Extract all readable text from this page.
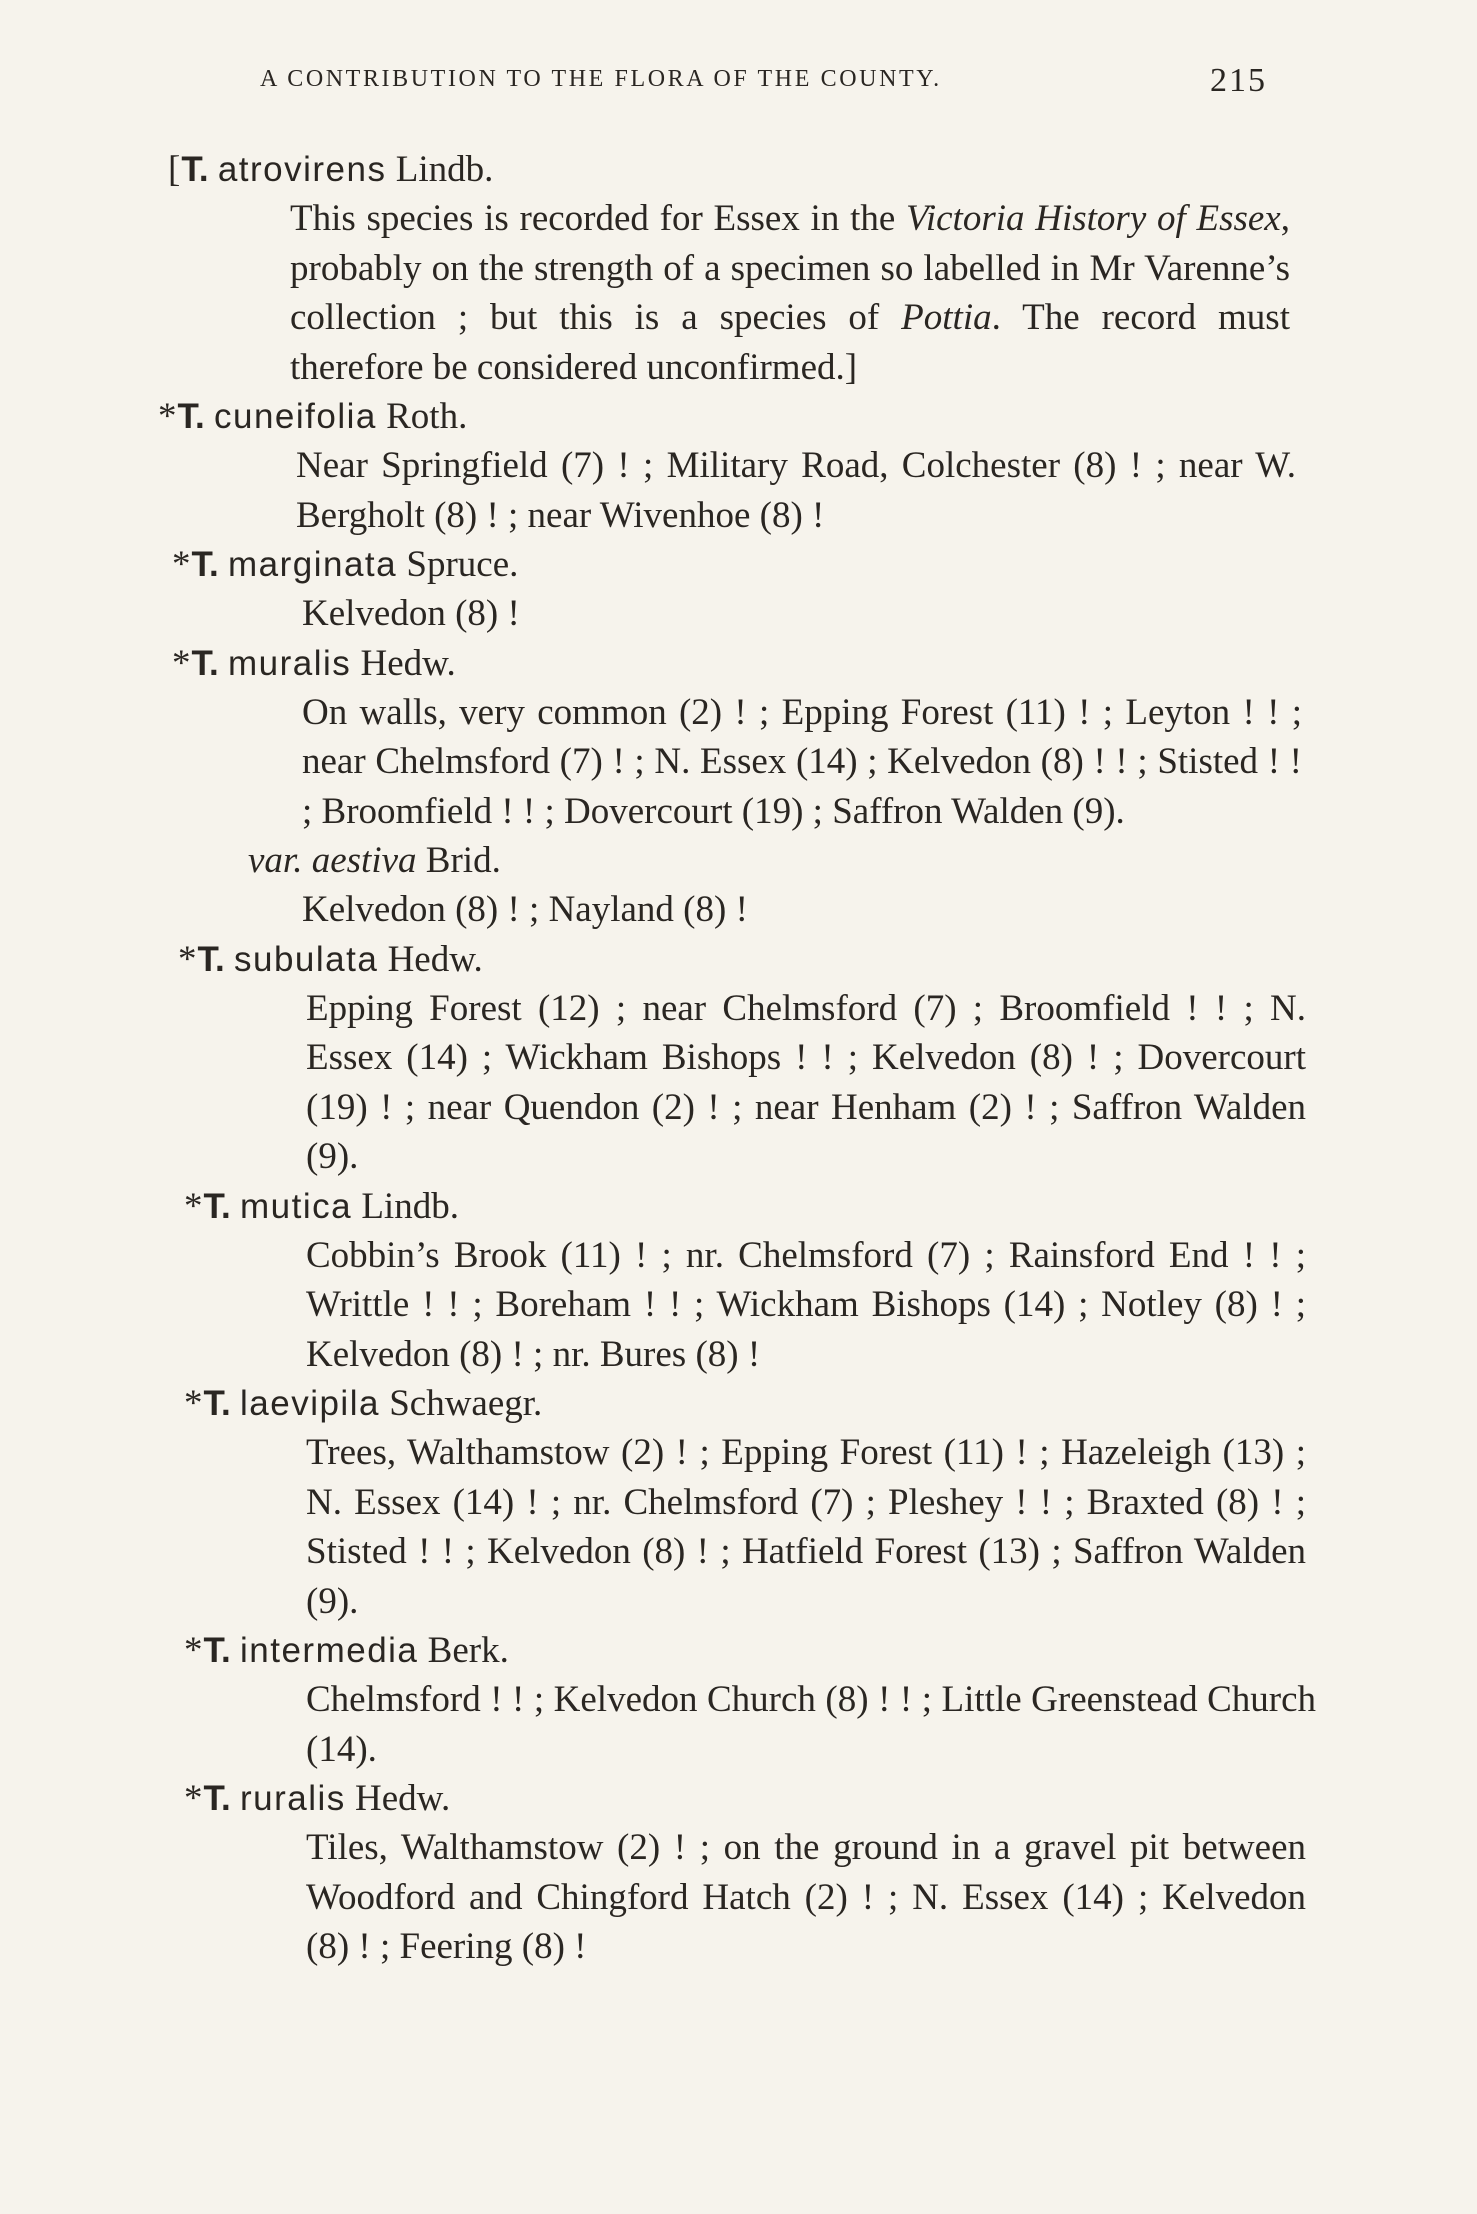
A CONTRIBUTION TO THE FLORA OF THE COUNTY.	215
[T. atrovirens Lindb.
This species is recorded for Essex in the Victoria History of Essex, probably on the strength of a specimen so labelled in Mr Varenne’s collection ; but this is a species of Pottia. The record must therefore be considered unconfirmed.]
*T. cuneifolia Roth.
Near Springfield (7) ! ; Military Road, Colchester (8) ! ; near W. Bergholt (8) ! ; near Wivenhoe (8) !
*T. marginata Spruce.
Kelvedon (8) !
*T. muralis Hedw.
On walls, very common (2) ! ; Epping Forest (11) ! ; Leyton ! ! ; near Chelmsford (7) ! ; N. Essex (14) ; Kelvedon (8) ! ! ; Stisted ! ! ; Broomfield ! ! ; Dovercourt (19) ; Saffron Walden (9).
var. aestiva Brid.
Kelvedon (8) ! ; Nayland (8) !
*T. subulata Hedw.
Epping Forest (12) ; near Chelmsford (7) ; Broomfield ! ! ; N. Essex (14) ; Wickham Bishops ! ! ; Kelvedon (8) ! ; Dovercourt (19) ! ; near Quendon (2) ! ; near Henham (2) ! ; Saffron Walden (9).
*T. mutica Lindb.
Cobbin’s Brook (11) ! ; nr. Chelmsford (7) ; Rainsford End ! ! ; Writtle ! ! ; Boreham ! ! ; Wickham Bishops (14) ; Notley (8) ! ; Kelvedon (8) ! ; nr. Bures (8) !
*T. laevipila Schwaegr.
Trees, Walthamstow (2) ! ; Epping Forest (11) ! ; Hazeleigh (13) ; N. Essex (14) ! ; nr. Chelmsford (7) ; Pleshey ! ! ; Braxted (8) ! ; Stisted ! ! ; Kelvedon (8) ! ; Hatfield Forest (13) ; Saffron Walden (9).
*T. intermedia Berk.
Chelmsford ! ! ; Kelvedon Church (8) ! ! ; Little Greenstead Church (14).
*T. ruralis Hedw.
Tiles, Walthamstow (2) ! ; on the ground in a gravel pit between Woodford and Chingford Hatch (2) ! ; N. Essex (14) ; Kelvedon (8) ! ; Feering (8) !
